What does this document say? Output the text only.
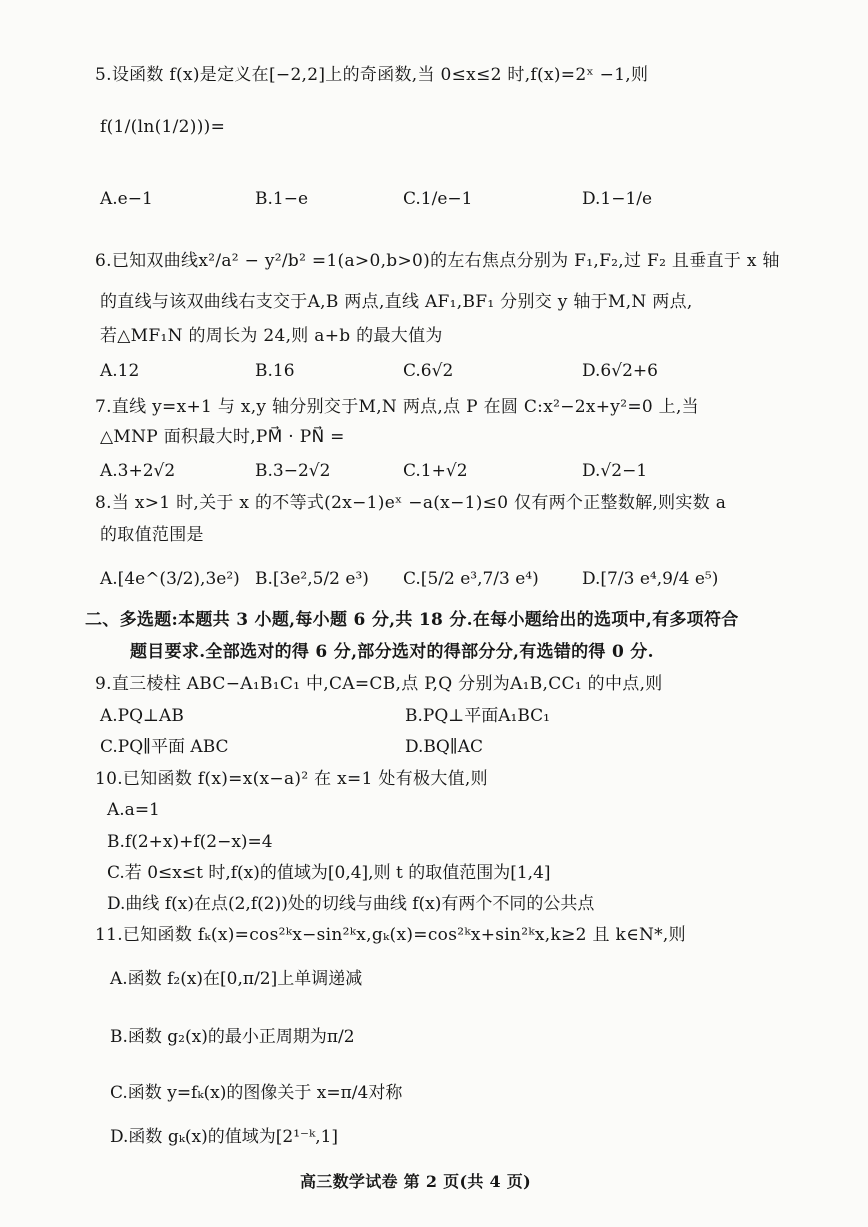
5.设函数 f(x)是定义在[−2,2]上的奇函数,当 0≤x≤2 时,f(x)=2ˣ −1,则
f(1/(ln(1/2)))=
A.e−1	B.1−e	C.1/e−1	D.1−1/e
6.已知双曲线x²/a² − y²/b² =1(a>0,b>0)的左右焦点分别为 F₁,F₂,过 F₂ 且垂直于 x 轴
的直线与该双曲线右支交于A,B 两点,直线 AF₁,BF₁ 分别交 y 轴于M,N 两点,
若△MF₁N 的周长为 24,则 a+b 的最大值为
A.12	B.16	C.6√2	D.6√2+6
7.直线 y=x+1 与 x,y 轴分别交于M,N 两点,点 P 在圆 C:x²−2x+y²=0 上,当
△MNP 面积最大时,PM⃗ · PN⃗ =
A.3+2√2	B.3−2√2	C.1+√2	D.√2−1
8.当 x>1 时,关于 x 的不等式(2x−1)eˣ −a(x−1)≤0 仅有两个正整数解,则实数 a
的取值范围是
A.[4e^(3/2),3e²) B.[3e²,5/2 e³) C.[5/2 e³,7/3 e⁴)	D.[7/3 e⁴,9/4 e⁵)
二、多选题:本题共 3 小题,每小题 6 分,共 18 分.在每小题给出的选项中,有多项符合
题目要求.全部选对的得 6 分,部分选对的得部分分,有选错的得 0 分.
9.直三棱柱 ABC−A₁B₁C₁ 中,CA=CB,点 P,Q 分别为A₁B,CC₁ 的中点,则
A.PQ⊥AB	B.PQ⊥平面A₁BC₁
C.PQ∥平面 ABC	D.BQ∥AC
10.已知函数 f(x)=x(x−a)² 在 x=1 处有极大值,则
A.a=1
B.f(2+x)+f(2−x)=4
C.若 0≤x≤t 时,f(x)的值域为[0,4],则 t 的取值范围为[1,4]
D.曲线 f(x)在点(2,f(2))处的切线与曲线 f(x)有两个不同的公共点
11.已知函数 fₖ(x)=cos²ᵏx−sin²ᵏx,gₖ(x)=cos²ᵏx+sin²ᵏx,k≥2 且 k∈N*,则
A.函数 f₂(x)在[0,π/2]上单调递减
B.函数 g₂(x)的最小正周期为π/2
C.函数 y=fₖ(x)的图像关于 x=π/4对称
D.函数 gₖ(x)的值域为[2¹⁻ᵏ,1]
高三数学试卷 第 2 页(共 4 页)
